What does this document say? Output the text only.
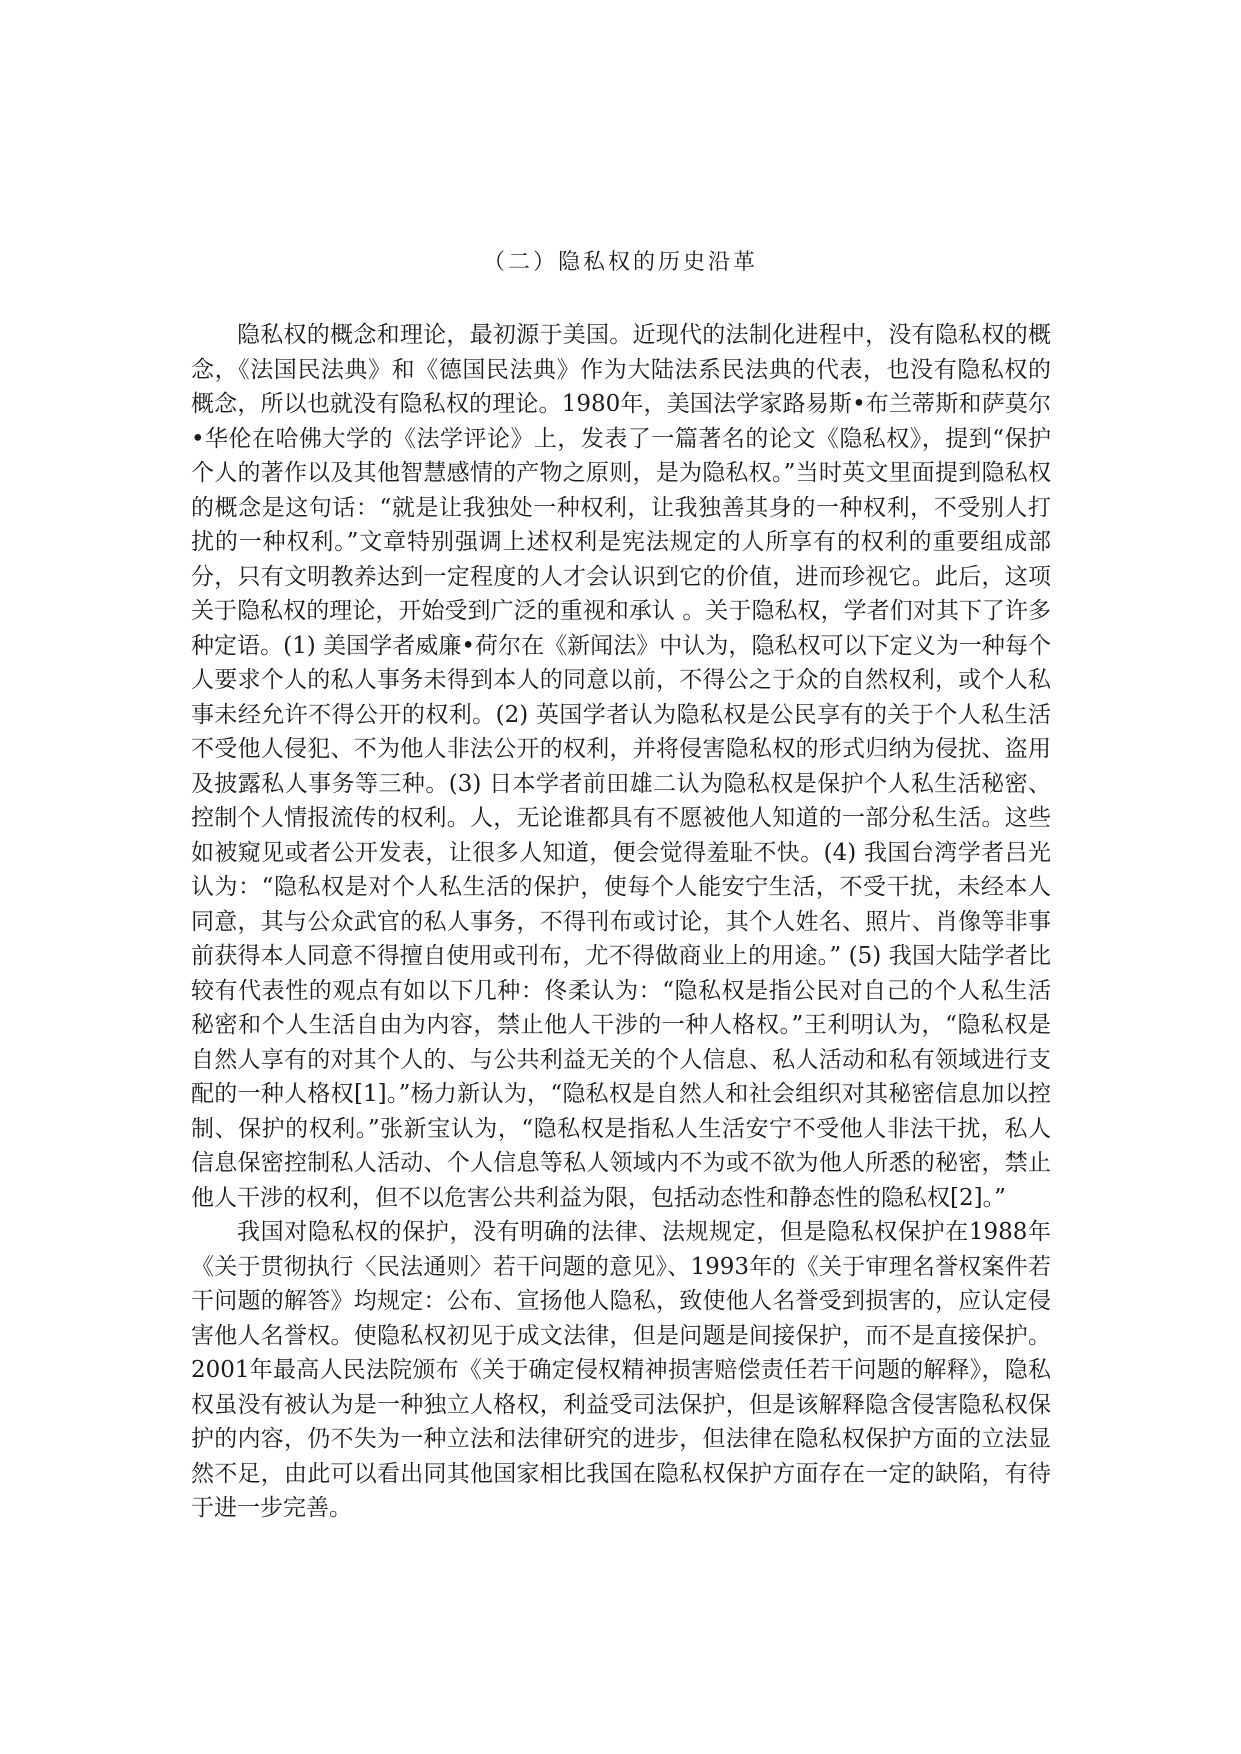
（二）隐私权的历史沿革

隐私权的概念和理论，最初源于美国。近现代的法制化进程中，没有隐私权的概念，《法国民法典》和《德国民法典》作为大陆法系民法典的代表，也没有隐私权的概念，所以也就没有隐私权的理论。1980年，美国法学家路易斯•布兰蒂斯和萨莫尔•华伦在哈佛大学的《法学评论》上，发表了一篇著名的论文《隐私权》，提到“保护个人的著作以及其他智慧感情的产物之原则，是为隐私权。”当时英文里面提到隐私权的概念是这句话：“就是让我独处一种权利，让我独善其身的一种权利，不受别人打扰的一种权利。”文章特别强调上述权利是宪法规定的人所享有的权利的重要组成部分，只有文明教养达到一定程度的人才会认识到它的价值，进而珍视它。此后，这项关于隐私权的理论，开始受到广泛的重视和承认 。关于隐私权，学者们对其下了许多种定语。(1) 美国学者威廉•荷尔在《新闻法》中认为，隐私权可以下定义为一种每个人要求个人的私人事务未得到本人的同意以前，不得公之于众的自然权利，或个人私事未经允许不得公开的权利。(2) 英国学者认为隐私权是公民享有的关于个人私生活不受他人侵犯、不为他人非法公开的权利，并将侵害隐私权的形式归纳为侵扰、盗用及披露私人事务等三种。(3) 日本学者前田雄二认为隐私权是保护个人私生活秘密、控制个人情报流传的权利。人，无论谁都具有不愿被他人知道的一部分私生活。这些如被窥见或者公开发表，让很多人知道，便会觉得羞耻不快。(4) 我国台湾学者吕光认为：“隐私权是对个人私生活的保护，使每个人能安宁生活，不受干扰，未经本人同意，其与公众武官的私人事务，不得刊布或讨论，其个人姓名、照片、肖像等非事前获得本人同意不得擅自使用或刊布，尤不得做商业上的用途。” (5) 我国大陆学者比较有代表性的观点有如以下几种：佟柔认为：“隐私权是指公民对自己的个人私生活秘密和个人生活自由为内容，禁止他人干涉的一种人格权。”王利明认为，“隐私权是自然人享有的对其个人的、与公共利益无关的个人信息、私人活动和私有领域进行支配的一种人格权[1]。”杨力新认为，“隐私权是自然人和社会组织对其秘密信息加以控制、保护的权利。”张新宝认为，“隐私权是指私人生活安宁不受他人非法干扰，私人信息保密控制私人活动、个人信息等私人领域内不为或不欲为他人所悉的秘密，禁止他人干涉的权利，但不以危害公共利益为限，包括动态性和静态性的隐私权[2]。”

我国对隐私权的保护，没有明确的法律、法规规定，但是隐私权保护在1988年《关于贯彻执行〈民法通则〉若干问题的意见》、1993年的《关于审理名誉权案件若干问题的解答》均规定：公布、宣扬他人隐私，致使他人名誉受到损害的，应认定侵害他人名誉权。使隐私权初见于成文法律，但是问题是间接保护，而不是直接保护。2001年最高人民法院颁布《关于确定侵权精神损害赔偿责任若干问题的解释》，隐私权虽没有被认为是一种独立人格权，利益受司法保护，但是该解释隐含侵害隐私权保护的内容，仍不失为一种立法和法律研究的进步，但法律在隐私权保护方面的立法显然不足，由此可以看出同其他国家相比我国在隐私权保护方面存在一定的缺陷，有待于进一步完善。
